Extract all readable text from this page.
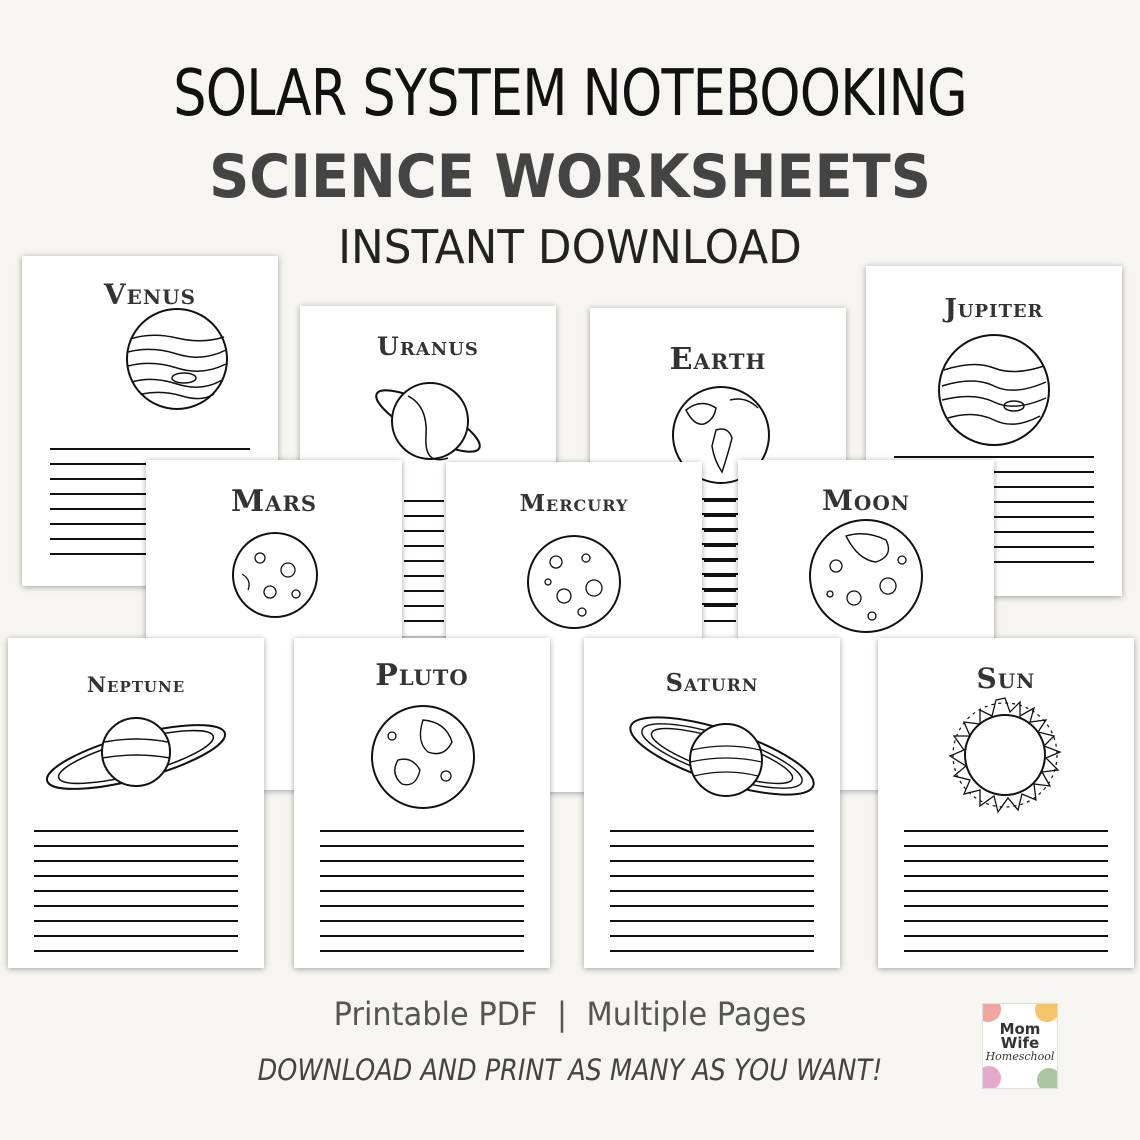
SOLAR SYSTEM NOTEBOOKING
SCIENCE WORKSHEETS
INSTANT DOWNLOAD
Venus
Uranus	Earth
Jupiter
Mars	Mercury	Moon
Neptune	Pluto	Saturn	Sun
Printable PDF  |  Multiple Pages
DOWNLOAD AND PRINT AS MANY AS YOU WANT!
Mom
Wife
Homeschool
